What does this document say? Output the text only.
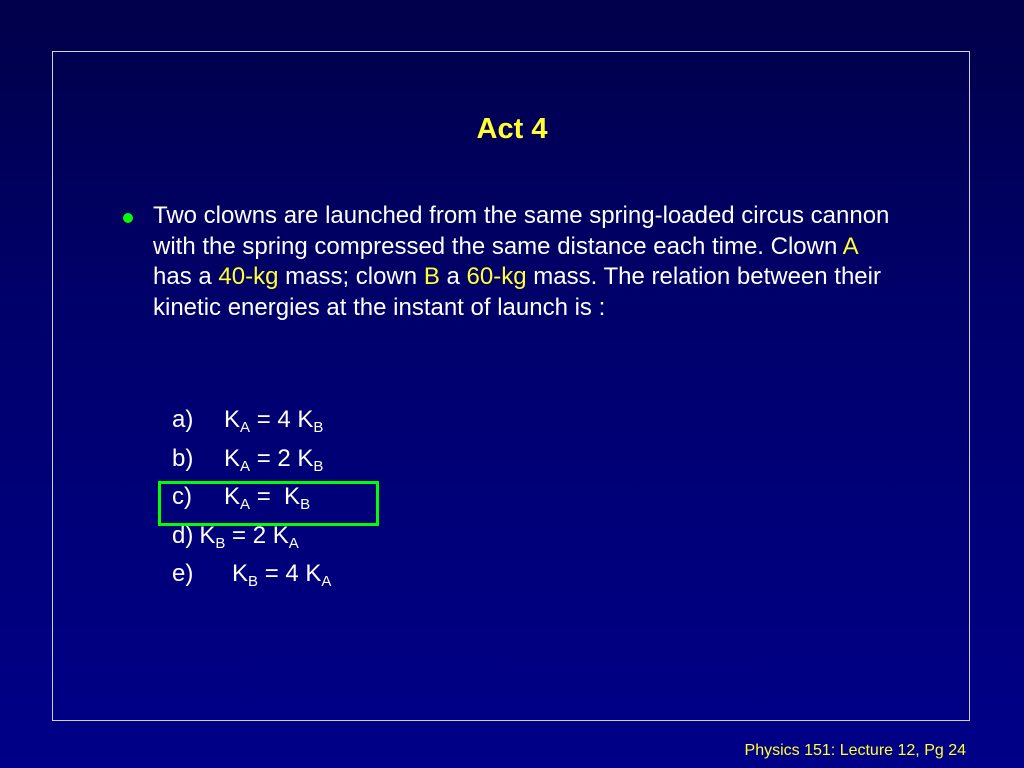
Act 4

Two clowns are launched from the same spring-loaded circus cannon with the spring compressed the same distance each time. Clown A has a 40-kg mass; clown B a 60-kg mass. The relation between their kinetic energies at the instant of launch is :

a) $K_A = 4$ $K_B$
b) $K_A = 2$ $K_B$
c) $K_A = K_B$
d) $K_B = 2$ $K_A$
e) $K_B = 4$ $K_A$
Physics 151: Lecture 12, Pg 24
